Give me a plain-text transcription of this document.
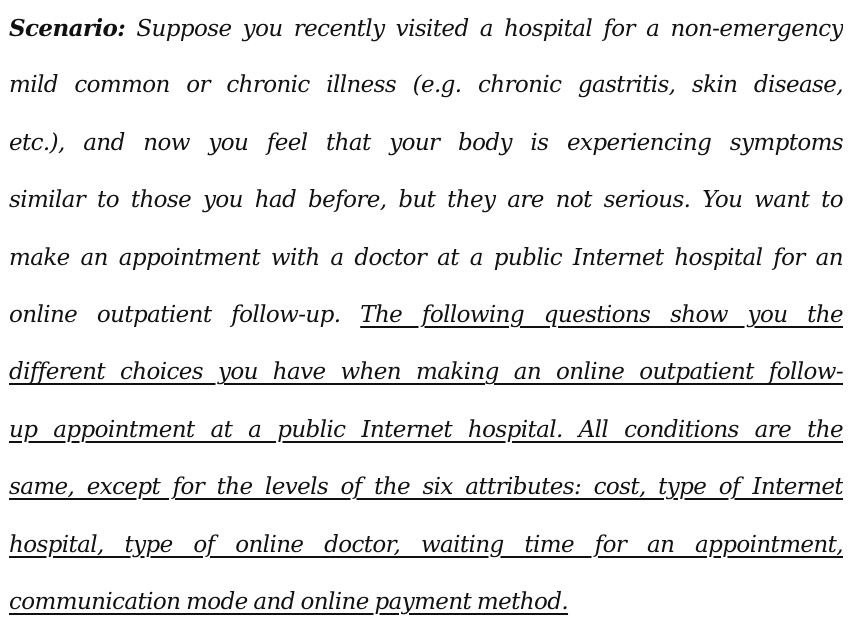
Scenario: Suppose you recently visited a hospital for a non-emergency
mild common or chronic illness (e.g. chronic gastritis, skin disease,
etc.), and now you feel that your body is experiencing symptoms
similar to those you had before, but they are not serious. You want to
make an appointment with a doctor at a public Internet hospital for an
online outpatient follow-up. The following questions show you the
different choices you have when making an online outpatient follow-
up appointment at a public Internet hospital. All conditions are the
same, except for the levels of the six attributes: cost, type of Internet
hospital, type of online doctor, waiting time for an appointment,
communication mode and online payment method.
